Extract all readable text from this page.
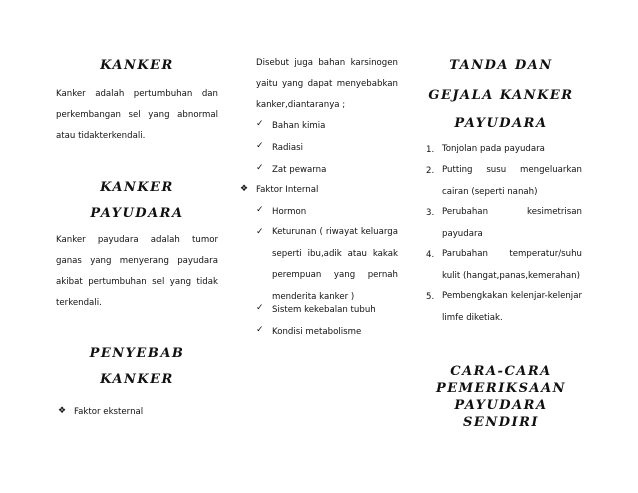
KANKER

Kanker adalah pertumbuhan dan perkembangan sel yang abnormal atau tidakterkendali.

KANKER
PAYUDARA

Kanker payudara adalah tumor ganas yang menyerang payudara akibat pertumbuhan sel yang tidak terkendali.

PENYEBAB
KANKER
❖ Faktor eksternal

Disebut juga bahan karsinogen yaitu yang dapat menyebabkan kanker,diantaranya ;

✓ Bahan kimia
✓ Radiasi
✓ Zat pewarna
❖ Faktor Internal
✓ Hormon
✓ Keturunan ( riwayat keluarga seperti ibu,adik atau kakak perempuan yang pernah menderita kanker )

✓ Sistem kekebalan tubuh
✓ Kondisi metabolisme
TANDA DAN
GEJALA KANKER
PAYUDARA
1. Tonjolan pada payudara

2. Putting susu mengeluarkan cairan (seperti nanah)

3. Perubahan kesimetrisan payudara

4. Parubahan temperatur/suhu kulit (hangat,panas,kemerahan)

5. Pembengkakan kelenjar-kelenjar limfe diketiak.

CARA-CARA
PEMERIKSAAN
PAYUDARA
SENDIRI
